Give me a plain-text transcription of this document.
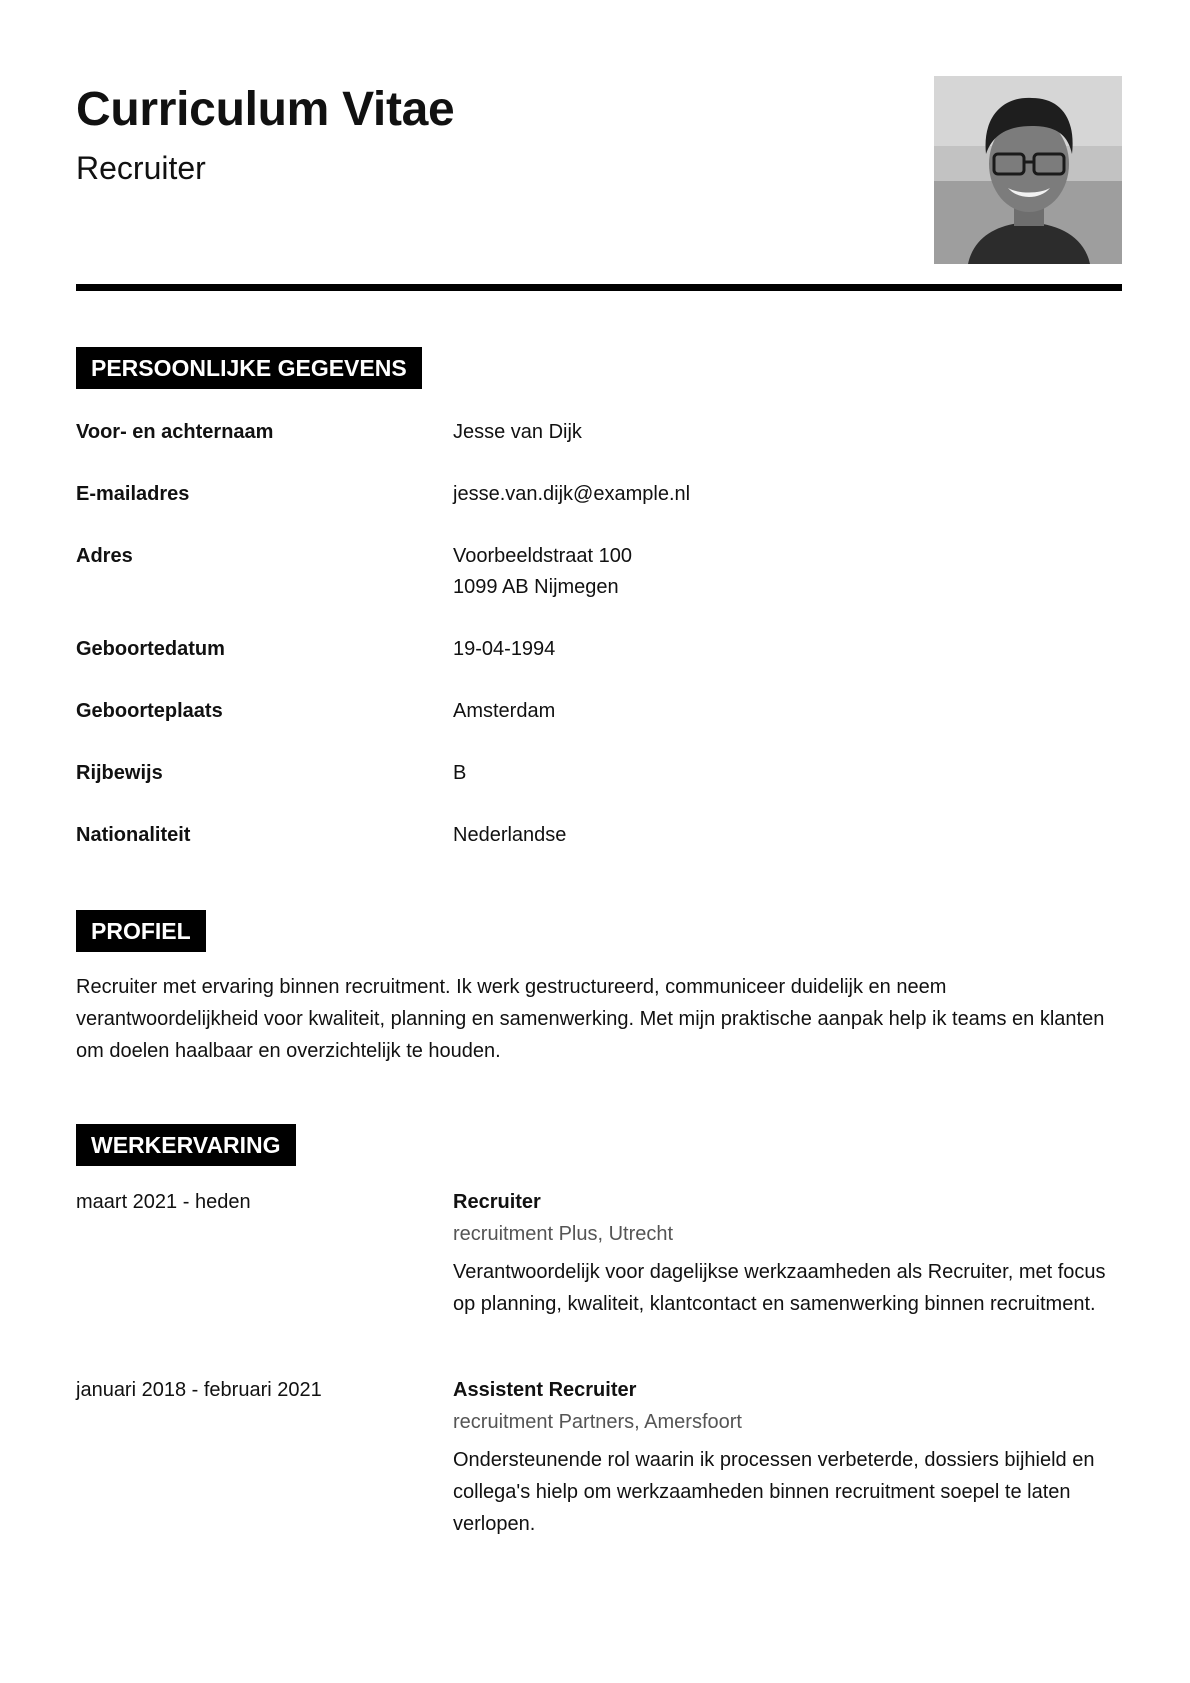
Curriculum Vitae
Recruiter
PERSOONLIJKE GEGEVENS
Voor- en achternaam	Jesse van Dijk
E-mailadres	jesse.van.dijk@example.nl
Adres	Voorbeeldstraat 100
1099 AB Nijmegen
Geboortedatum	19-04-1994
Geboorteplaats	Amsterdam
Rijbewijs	B
Nationaliteit	Nederlandse
PROFIEL

Recruiter met ervaring binnen recruitment. Ik werk gestructureerd, communiceer duidelijk en neem verantwoordelijkheid voor kwaliteit, planning en samenwerking. Met mijn praktische aanpak help ik teams en klanten om doelen haalbaar en overzichtelijk te houden.

WERKERVARING
maart 2021 - heden	Recruiter
recruitment Plus, Utrecht
Verantwoordelijk voor dagelijkse werkzaamheden als Recruiter, met focus op planning, kwaliteit, klantcontact en samenwerking binnen recruitment.
januari 2018 - februari 2021	Assistent Recruiter
recruitment Partners, Amersfoort
Ondersteunende rol waarin ik processen verbeterde, dossiers bijhield en collega's hielp om werkzaamheden binnen recruitment soepel te laten verlopen.
